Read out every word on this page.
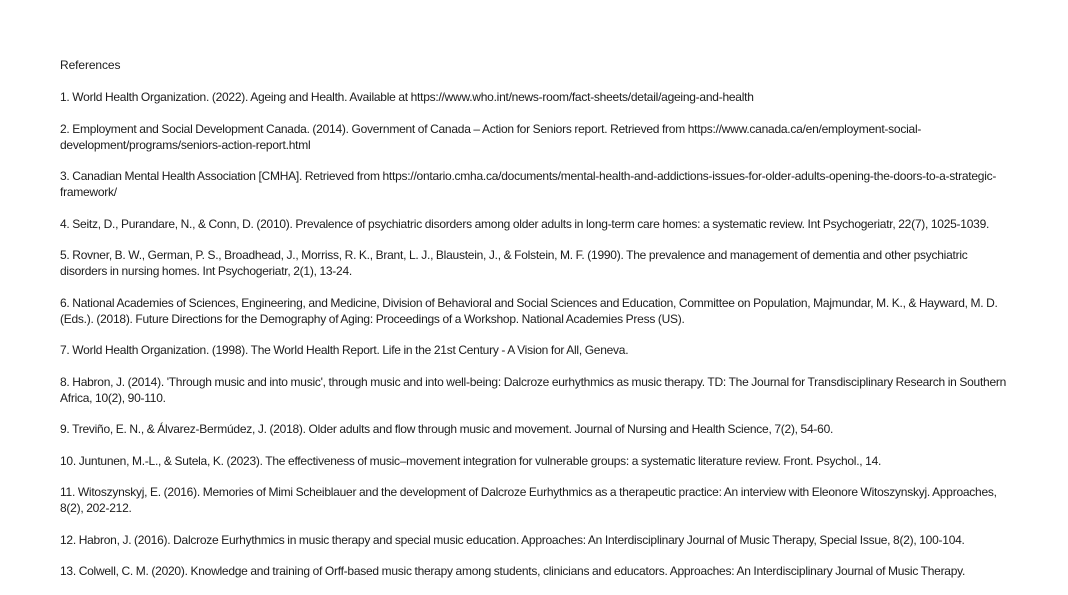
References
1. World Health Organization. (2022). Ageing and Health. Available at https://www.who.int/news-room/fact-sheets/detail/ageing-and-health
2. Employment and Social Development Canada. (2014). Government of Canada – Action for Seniors report. Retrieved from https://www.canada.ca/en/employment-social-development/programs/seniors-action-report.html
3. Canadian Mental Health Association [CMHA]. Retrieved from https://ontario.cmha.ca/documents/mental-health-and-addictions-issues-for-older-adults-opening-the-doors-to-a-strategic-framework/
4. Seitz, D., Purandare, N., & Conn, D. (2010). Prevalence of psychiatric disorders among older adults in long-term care homes: a systematic review. Int Psychogeriatr, 22(7), 1025-1039.
5. Rovner, B. W., German, P. S., Broadhead, J., Morriss, R. K., Brant, L. J., Blaustein, J., & Folstein, M. F. (1990). The prevalence and management of dementia and other psychiatric disorders in nursing homes. Int Psychogeriatr, 2(1), 13-24.
6. National Academies of Sciences, Engineering, and Medicine, Division of Behavioral and Social Sciences and Education, Committee on Population, Majmundar, M. K., & Hayward, M. D. (Eds.). (2018). Future Directions for the Demography of Aging: Proceedings of a Workshop. National Academies Press (US).
7. World Health Organization. (1998). The World Health Report. Life in the 21st Century - A Vision for All, Geneva.
8. Habron, J. (2014). 'Through music and into music', through music and into well-being: Dalcroze eurhythmics as music therapy. TD: The Journal for Transdisciplinary Research in Southern Africa, 10(2), 90-110.
9. Treviño, E. N., & Álvarez-Bermúdez, J. (2018). Older adults and flow through music and movement. Journal of Nursing and Health Science, 7(2), 54-60.
10. Juntunen, M.-L., & Sutela, K. (2023). The effectiveness of music–movement integration for vulnerable groups: a systematic literature review. Front. Psychol., 14.
11. Witoszynskyj, E. (2016). Memories of Mimi Scheiblauer and the development of Dalcroze Eurhythmics as a therapeutic practice: An interview with Eleonore Witoszynskyj. Approaches, 8(2), 202-212.
12. Habron, J. (2016). Dalcroze Eurhythmics in music therapy and special music education. Approaches: An Interdisciplinary Journal of Music Therapy, Special Issue, 8(2), 100-104.
13. Colwell, C. M. (2020). Knowledge and training of Orff-based music therapy among students, clinicians and educators. Approaches: An Interdisciplinary Journal of Music Therapy.
